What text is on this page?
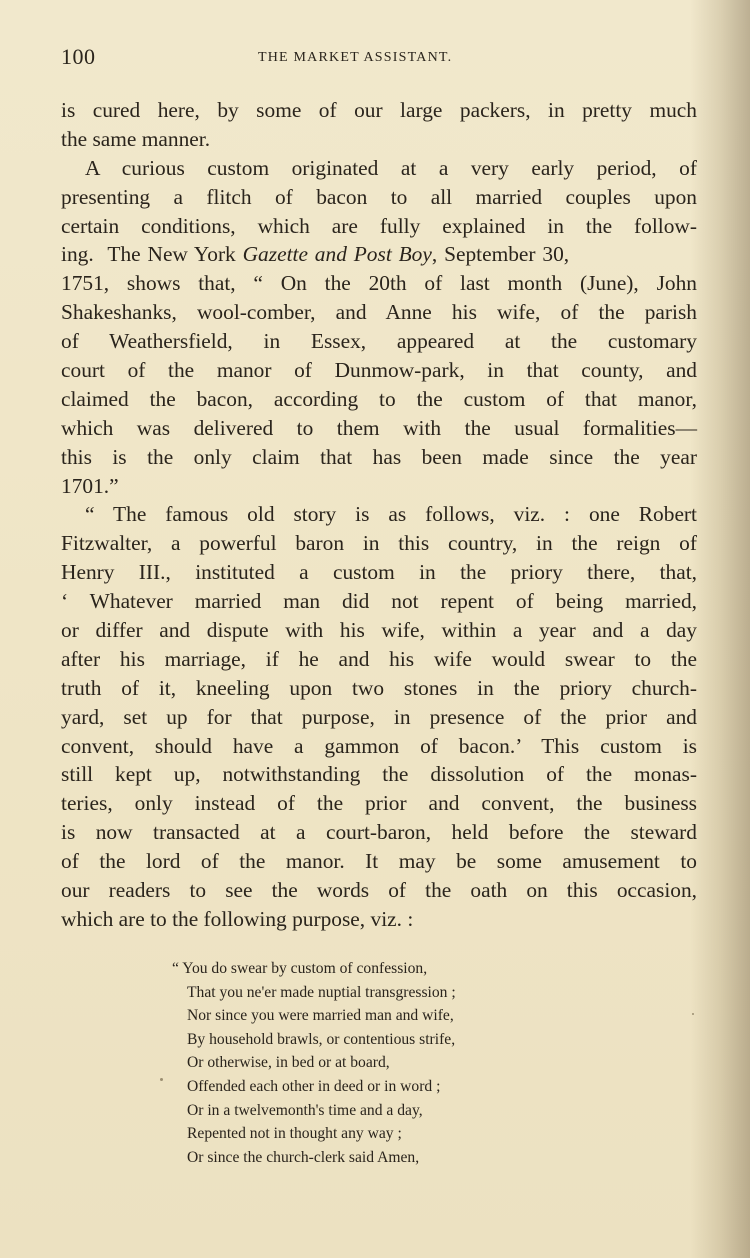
100	THE MARKET ASSISTANT.
is cured here, by some of our large packers, in pretty much
the same manner.
A curious custom originated at a very early period, of
presenting a flitch of bacon to all married couples upon
certain conditions, which are fully explained in the follow-
ing. The New York Gazette and Post Boy, September 30,
1751, shows that, “ On the 20th of last month (June), John
Shakeshanks, wool-comber, and Anne his wife, of the parish
of Weathersfield, in Essex, appeared at the customary
court of the manor of Dunmow-park, in that county, and
claimed the bacon, according to the custom of that manor,
which was delivered to them with the usual formalities—
this is the only claim that has been made since the year
1701.”
“ The famous old story is as follows, viz. : one Robert
Fitzwalter, a powerful baron in this country, in the reign of
Henry III., instituted a custom in the priory there, that,
‘ Whatever married man did not repent of being married,
or differ and dispute with his wife, within a year and a day
after his marriage, if he and his wife would swear to the
truth of it, kneeling upon two stones in the priory church-
yard, set up for that purpose, in presence of the prior and
convent, should have a gammon of bacon.’ This custom is
still kept up, notwithstanding the dissolution of the monas-
teries, only instead of the prior and convent, the business
is now transacted at a court-baron, held before the steward
of the lord of the manor. It may be some amusement to
our readers to see the words of the oath on this occasion,
which are to the following purpose, viz. :
“ You do swear by custom of confession,
That you ne'er made nuptial transgression ;
Nor since you were married man and wife,
By household brawls, or contentious strife,
Or otherwise, in bed or at board,
Offended each other in deed or in word ;
Or in a twelvemonth's time and a day,
Repented not in thought any way ;
Or since the church-clerk said Amen,
